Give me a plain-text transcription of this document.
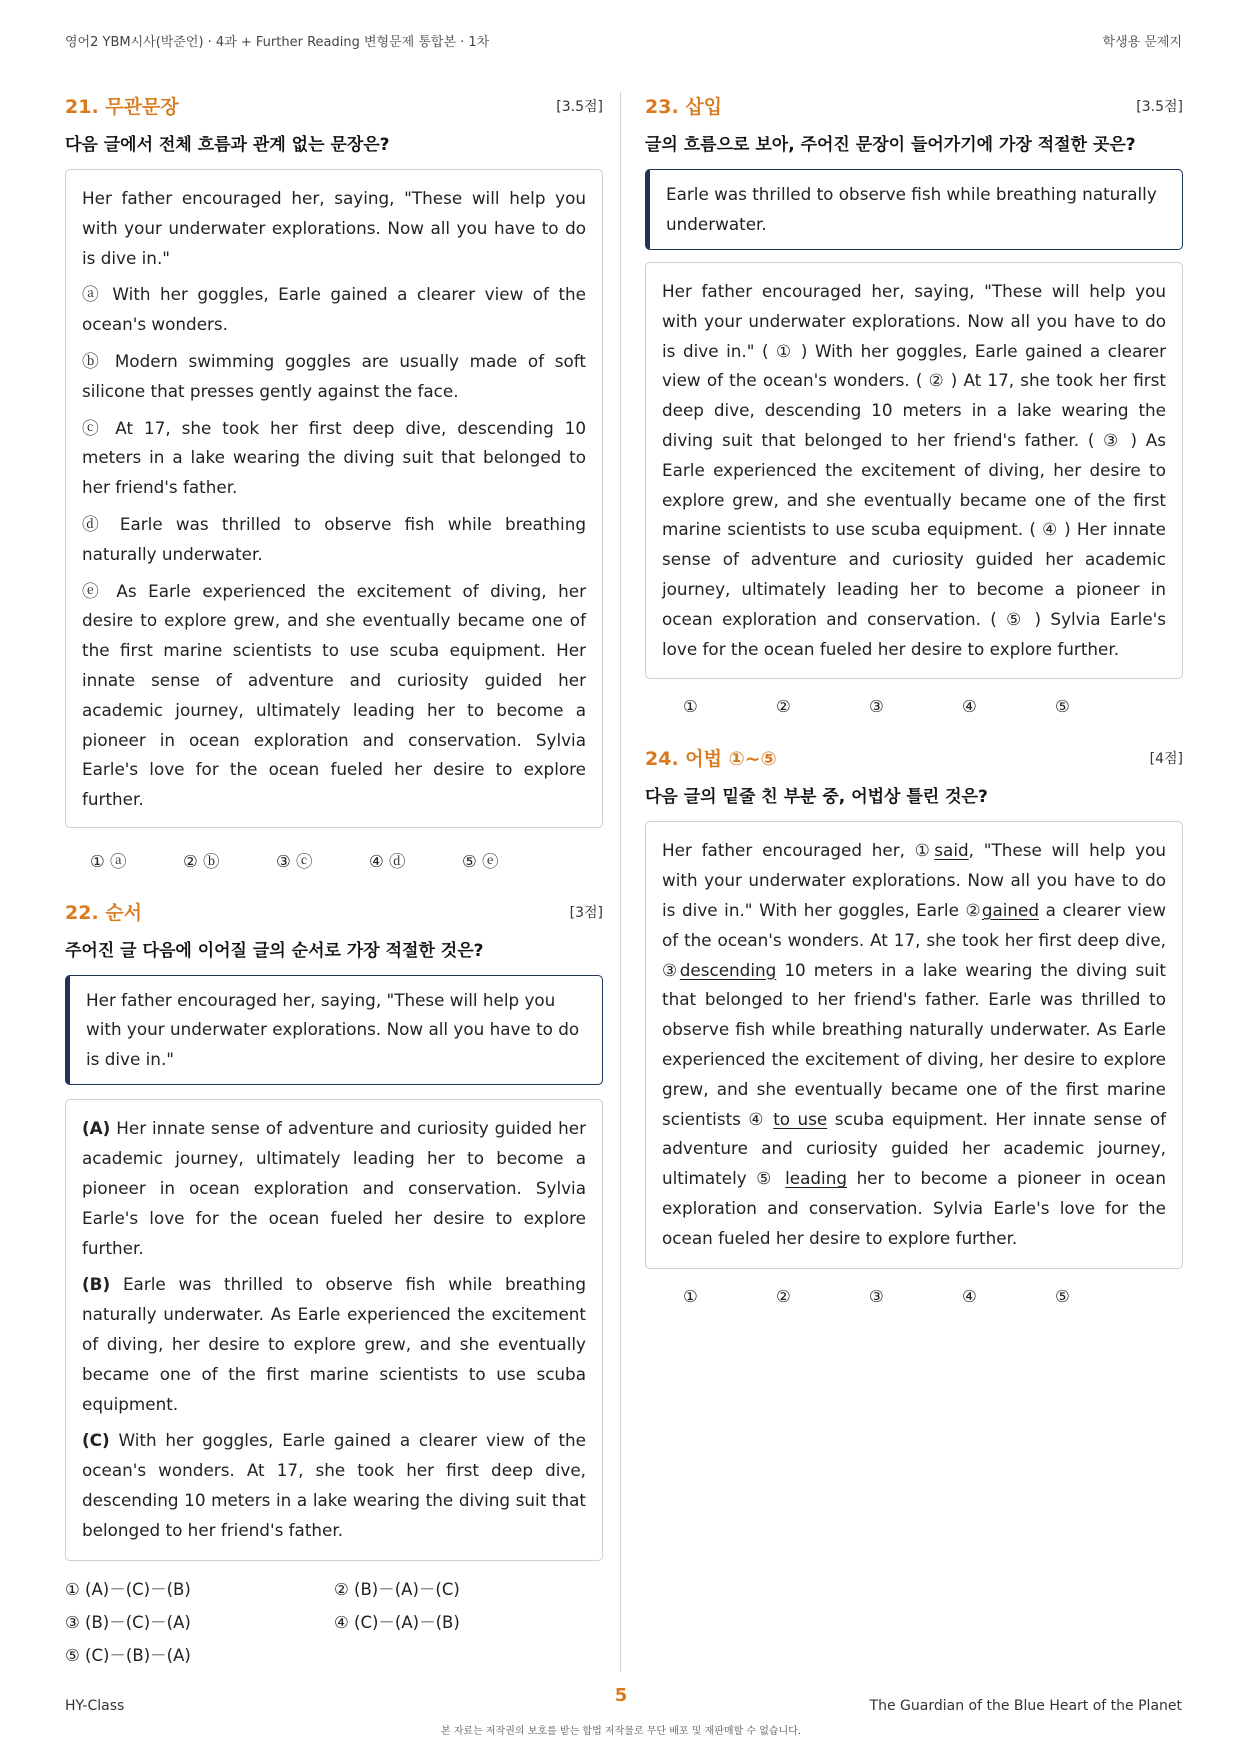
영어2 YBM시사(박준언) · 4과 + Further Reading 변형문제 통합본 · 1차	학생용 문제지
21. 무관문장	[3.5점]
다음 글에서 전체 흐름과 관계 없는 문장은?

Her father encouraged her, saying, "These will help you with your underwater explorations. Now all you have to do is dive in."

ⓐ With her goggles, Earle gained a clearer view of the ocean's wonders.

ⓑ Modern swimming goggles are usually made of soft silicone that presses gently against the face.

ⓒ At 17, she took her first deep dive, descending 10 meters in a lake wearing the diving suit that belonged to her friend's father.

ⓓ Earle was thrilled to observe fish while breathing naturally underwater.

ⓔ As Earle experienced the excitement of diving, her desire to explore grew, and she eventually became one of the first marine scientists to use scuba equipment. Her innate sense of adventure and curiosity guided her academic journey, ultimately leading her to become a pioneer in ocean exploration and conservation. Sylvia Earle's love for the ocean fueled her desire to explore further.

① ⓐ	② ⓑ	③ ⓒ	④ ⓓ	⑤ ⓔ
22. 순서	[3점]
주어진 글 다음에 이어질 글의 순서로 가장 적절한 것은?
Her father encouraged her, saying, "These will help you with your underwater explorations. Now all you have to do is dive in."

(A) Her innate sense of adventure and curiosity guided her academic journey, ultimately leading her to become a pioneer in ocean exploration and conservation. Sylvia Earle's love for the ocean fueled her desire to explore further.

(B) Earle was thrilled to observe fish while breathing naturally underwater. As Earle experienced the excitement of diving, her desire to explore grew, and she eventually became one of the first marine scientists to use scuba equipment.

(C) With her goggles, Earle gained a clearer view of the ocean's wonders. At 17, she took her first deep dive, descending 10 meters in a lake wearing the diving suit that belonged to her friend's father.

① (A)－(C)－(B)	② (B)－(A)－(C)
③ (B)－(C)－(A)	④ (C)－(A)－(B)
⑤ (C)－(B)－(A)
23. 삽입	[3.5점]
글의 흐름으로 보아, 주어진 문장이 들어가기에 가장 적절한 곳은?
Earle was thrilled to observe fish while breathing naturally underwater.

Her father encouraged her, saying, "These will help you with your underwater explorations. Now all you have to do is dive in." ( ① ) With her goggles, Earle gained a clearer view of the ocean's wonders. ( ② ) At 17, she took her first deep dive, descending 10 meters in a lake wearing the diving suit that belonged to her friend's father. ( ③ ) As Earle experienced the excitement of diving, her desire to explore grew, and she eventually became one of the first marine scientists to use scuba equipment. ( ④ ) Her innate sense of adventure and curiosity guided her academic journey, ultimately leading her to become a pioneer in ocean exploration and conservation. ( ⑤ ) Sylvia Earle's love for the ocean fueled her desire to explore further.

①	②	③	④	⑤
24. 어법 ①~⑤	[4점]
다음 글의 밑줄 친 부분 중, 어법상 틀린 것은?

Her father encouraged her, ①said, "These will help you with your underwater explorations. Now all you have to do is dive in." With her goggles, Earle ②gained a clearer view of the ocean's wonders. At 17, she took her first deep dive, ③descending 10 meters in a lake wearing the diving suit that belonged to her friend's father. Earle was thrilled to observe fish while breathing naturally underwater. As Earle experienced the excitement of diving, her desire to explore grew, and she eventually became one of the first marine scientists ④ to use scuba equipment. Her innate sense of adventure and curiosity guided her academic journey, ultimately ⑤ leading her to become a pioneer in ocean exploration and conservation. Sylvia Earle's love for the ocean fueled her desire to explore further.

①	②	③	④	⑤
HY-Class	5	The Guardian of the Blue Heart of the Planet
본 자료는 저작권의 보호를 받는 합법 저작물로 무단 배포 및 재판매할 수 없습니다.
